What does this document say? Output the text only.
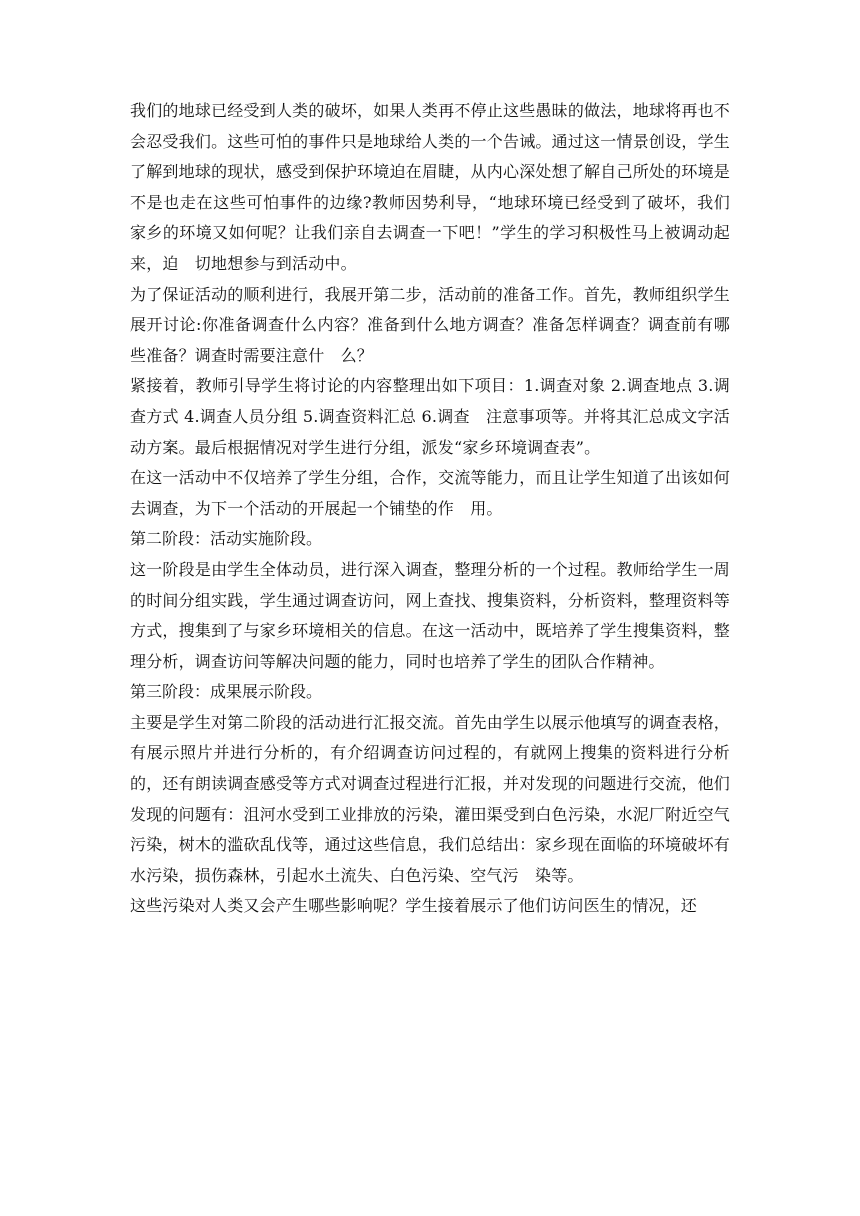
我们的地球已经受到人类的破坏，如果人类再不停止这些愚昧的做法，地球将再也不会忍受我们。这些可怕的事件只是地球给人类的一个告诫。通过这一情景创设，学生了解到地球的现状，感受到保护环境迫在眉睫，从内心深处想了解自己所处的环境是不是也走在这些可怕事件的边缘?教师因势利导，“地球环境已经受到了破坏，我们家乡的环境又如何呢？让我们亲自去调查一下吧！”学生的学习积极性马上被调动起来，迫　切地想参与到活动中。

为了保证活动的顺利进行，我展开第二步，活动前的准备工作。首先，教师组织学生展开讨论:你准备调查什么内容？准备到什么地方调查？准备怎样调查？调查前有哪些准备？调查时需要注意什　么？

紧接着，教师引导学生将讨论的内容整理出如下项目：1.调查对象 2.调查地点 3.调查方式 4.调查人员分组 5.调查资料汇总 6.调查　注意事项等。并将其汇总成文字活动方案。最后根据情况对学生进行分组，派发“家乡环境调查表”。

在这一活动中不仅培养了学生分组，合作，交流等能力，而且让学生知道了出该如何去调查，为下一个活动的开展起一个铺垫的作　用。

第二阶段：活动实施阶段。

这一阶段是由学生全体动员，进行深入调查，整理分析的一个过程。教师给学生一周的时间分组实践，学生通过调查访问，网上查找、搜集资料，分析资料，整理资料等方式，搜集到了与家乡环境相关的信息。在这一活动中，既培养了学生搜集资料，整理分析，调查访问等解决问题的能力，同时也培养了学生的团队合作精神。

第三阶段：成果展示阶段。

主要是学生对第二阶段的活动进行汇报交流。首先由学生以展示他填写的调查表格，有展示照片并进行分析的，有介绍调查访问过程的，有就网上搜集的资料进行分析的，还有朗读调查感受等方式对调查过程进行汇报，并对发现的问题进行交流，他们发现的问题有：沮河水受到工业排放的污染，灌田渠受到白色污染，水泥厂附近空气污染，树木的滥砍乱伐等，通过这些信息，我们总结出：家乡现在面临的环境破坏有水污染，损伤森林，引起水土流失、白色污染、空气污　染等。

这些污染对人类又会产生哪些影响呢？学生接着展示了他们访问医生的情况，还
